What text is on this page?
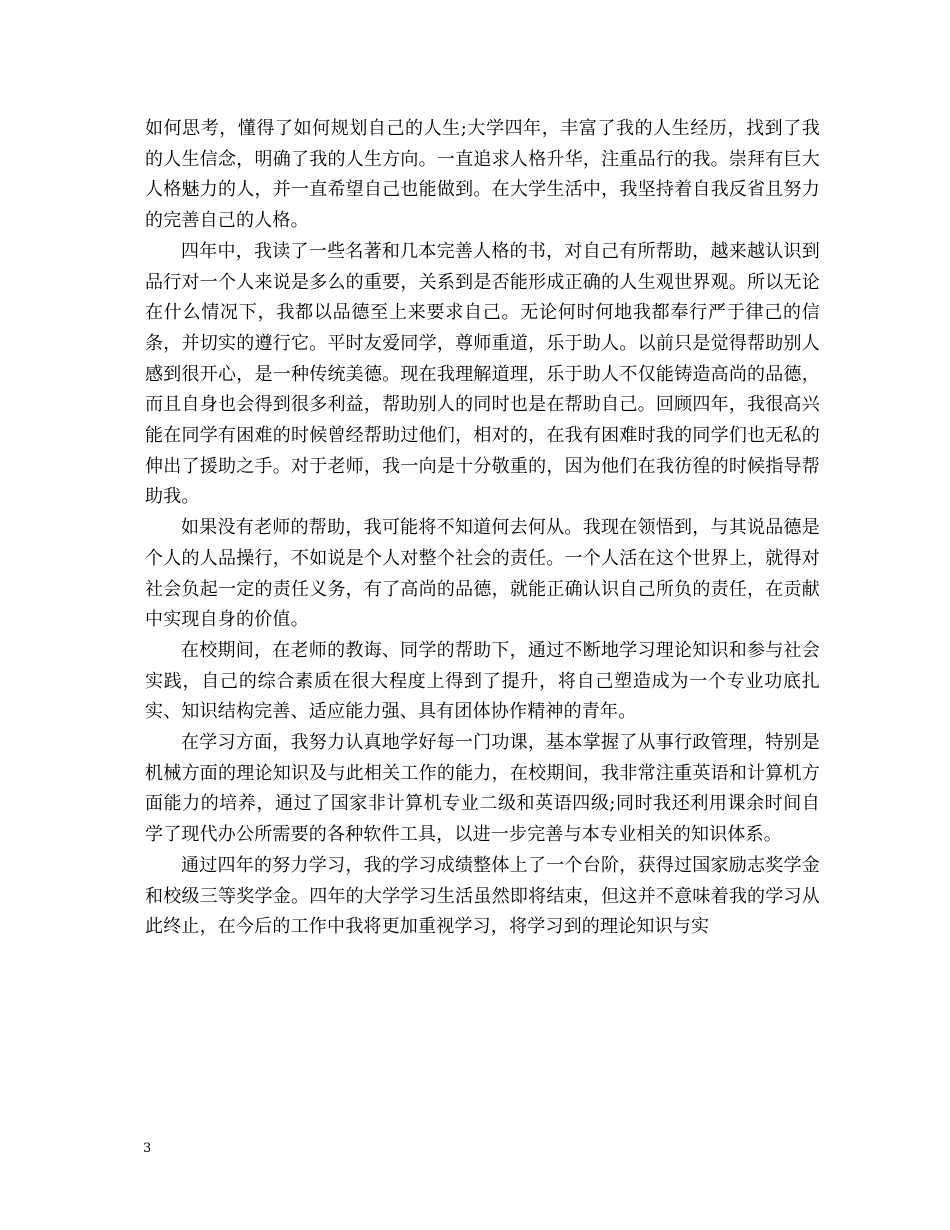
如何思考，懂得了如何规划自己的人生;大学四年，丰富了我的人生经历，找到了我的人生信念，明确了我的人生方向。一直追求人格升华，注重品行的我。崇拜有巨大人格魅力的人，并一直希望自己也能做到。在大学生活中，我坚持着自我反省且努力的完善自己的人格。

四年中，我读了一些名著和几本完善人格的书，对自己有所帮助，越来越认识到品行对一个人来说是多么的重要，关系到是否能形成正确的人生观世界观。所以无论在什么情况下，我都以品德至上来要求自己。无论何时何地我都奉行严于律己的信条，并切实的遵行它。平时友爱同学，尊师重道，乐于助人。以前只是觉得帮助别人感到很开心，是一种传统美德。现在我理解道理，乐于助人不仅能铸造高尚的品德，而且自身也会得到很多利益，帮助别人的同时也是在帮助自己。回顾四年，我很高兴能在同学有困难的时候曾经帮助过他们，相对的，在我有困难时我的同学们也无私的伸出了援助之手。对于老师，我一向是十分敬重的，因为他们在我彷徨的时候指导帮助我。

如果没有老师的帮助，我可能将不知道何去何从。我现在领悟到，与其说品德是个人的人品操行，不如说是个人对整个社会的责任。一个人活在这个世界上，就得对社会负起一定的责任义务，有了高尚的品德，就能正确认识自己所负的责任，在贡献中实现自身的价值。

在校期间，在老师的教诲、同学的帮助下，通过不断地学习理论知识和参与社会实践，自己的综合素质在很大程度上得到了提升，将自己塑造成为一个专业功底扎实、知识结构完善、适应能力强、具有团体协作精神的青年。

在学习方面，我努力认真地学好每一门功课，基本掌握了从事行政管理，特别是机械方面的理论知识及与此相关工作的能力，在校期间，我非常注重英语和计算机方面能力的培养，通过了国家非计算机专业二级和英语四级;同时我还利用课余时间自学了现代办公所需要的各种软件工具，以进一步完善与本专业相关的知识体系。

通过四年的努力学习，我的学习成绩整体上了一个台阶，获得过国家励志奖学金和校级三等奖学金。四年的大学学习生活虽然即将结束，但这并不意味着我的学习从此终止，在今后的工作中我将更加重视学习，将学习到的理论知识与实

3
